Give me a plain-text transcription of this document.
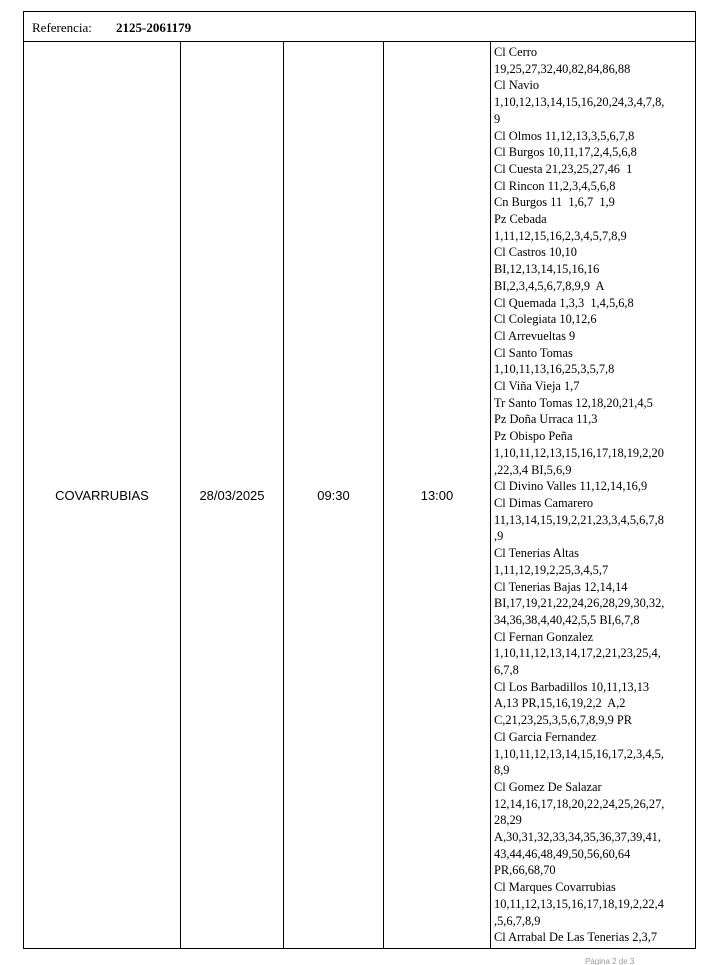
Referencia: 2125-2061179
COVARRUBIAS	28/03/2025	09:30	13:00
Cl Cerro
19,25,27,32,40,82,84,86,88
Cl Navio
1,10,12,13,14,15,16,20,24,3,4,7,8,
9
Cl Olmos 11,12,13,3,5,6,7,8
Cl Burgos 10,11,17,2,4,5,6,8
Cl Cuesta 21,23,25,27,46  1
Cl Rincon 11,2,3,4,5,6,8
Cn Burgos 11  1,6,7  1,9
Pz Cebada
1,11,12,15,16,2,3,4,5,7,8,9
Cl Castros 10,10
BI,12,13,14,15,16,16
BI,2,3,4,5,6,7,8,9,9  A
Cl Quemada 1,3,3  1,4,5,6,8
Cl Colegiata 10,12,6
Cl Arrevueltas 9
Cl Santo Tomas
1,10,11,13,16,25,3,5,7,8
Cl Viña Vieja 1,7
Tr Santo Tomas 12,18,20,21,4,5
Pz Doña Urraca 11,3
Pz Obispo Peña
1,10,11,12,13,15,16,17,18,19,2,20
,22,3,4 BI,5,6,9
Cl Divino Valles 11,12,14,16,9
Cl Dimas Camarero
11,13,14,15,19,2,21,23,3,4,5,6,7,8
,9
Cl Tenerias Altas
1,11,12,19,2,25,3,4,5,7
Cl Tenerias Bajas 12,14,14
BI,17,19,21,22,24,26,28,29,30,32,
34,36,38,4,40,42,5,5 BI,6,7,8
Cl Fernan Gonzalez
1,10,11,12,13,14,17,2,21,23,25,4,
6,7,8
Cl Los Barbadillos 10,11,13,13
A,13 PR,15,16,19,2,2  A,2
C,21,23,25,3,5,6,7,8,9,9 PR
Cl Garcia Fernandez
1,10,11,12,13,14,15,16,17,2,3,4,5,
8,9
Cl Gomez De Salazar
12,14,16,17,18,20,22,24,25,26,27,
28,29
A,30,31,32,33,34,35,36,37,39,41,
43,44,46,48,49,50,56,60,64
PR,66,68,70
Cl Marques Covarrubias
10,11,12,13,15,16,17,18,19,2,22,4
,5,6,7,8,9
Cl Arrabal De Las Tenerias 2,3,7
Página 2 de 3
